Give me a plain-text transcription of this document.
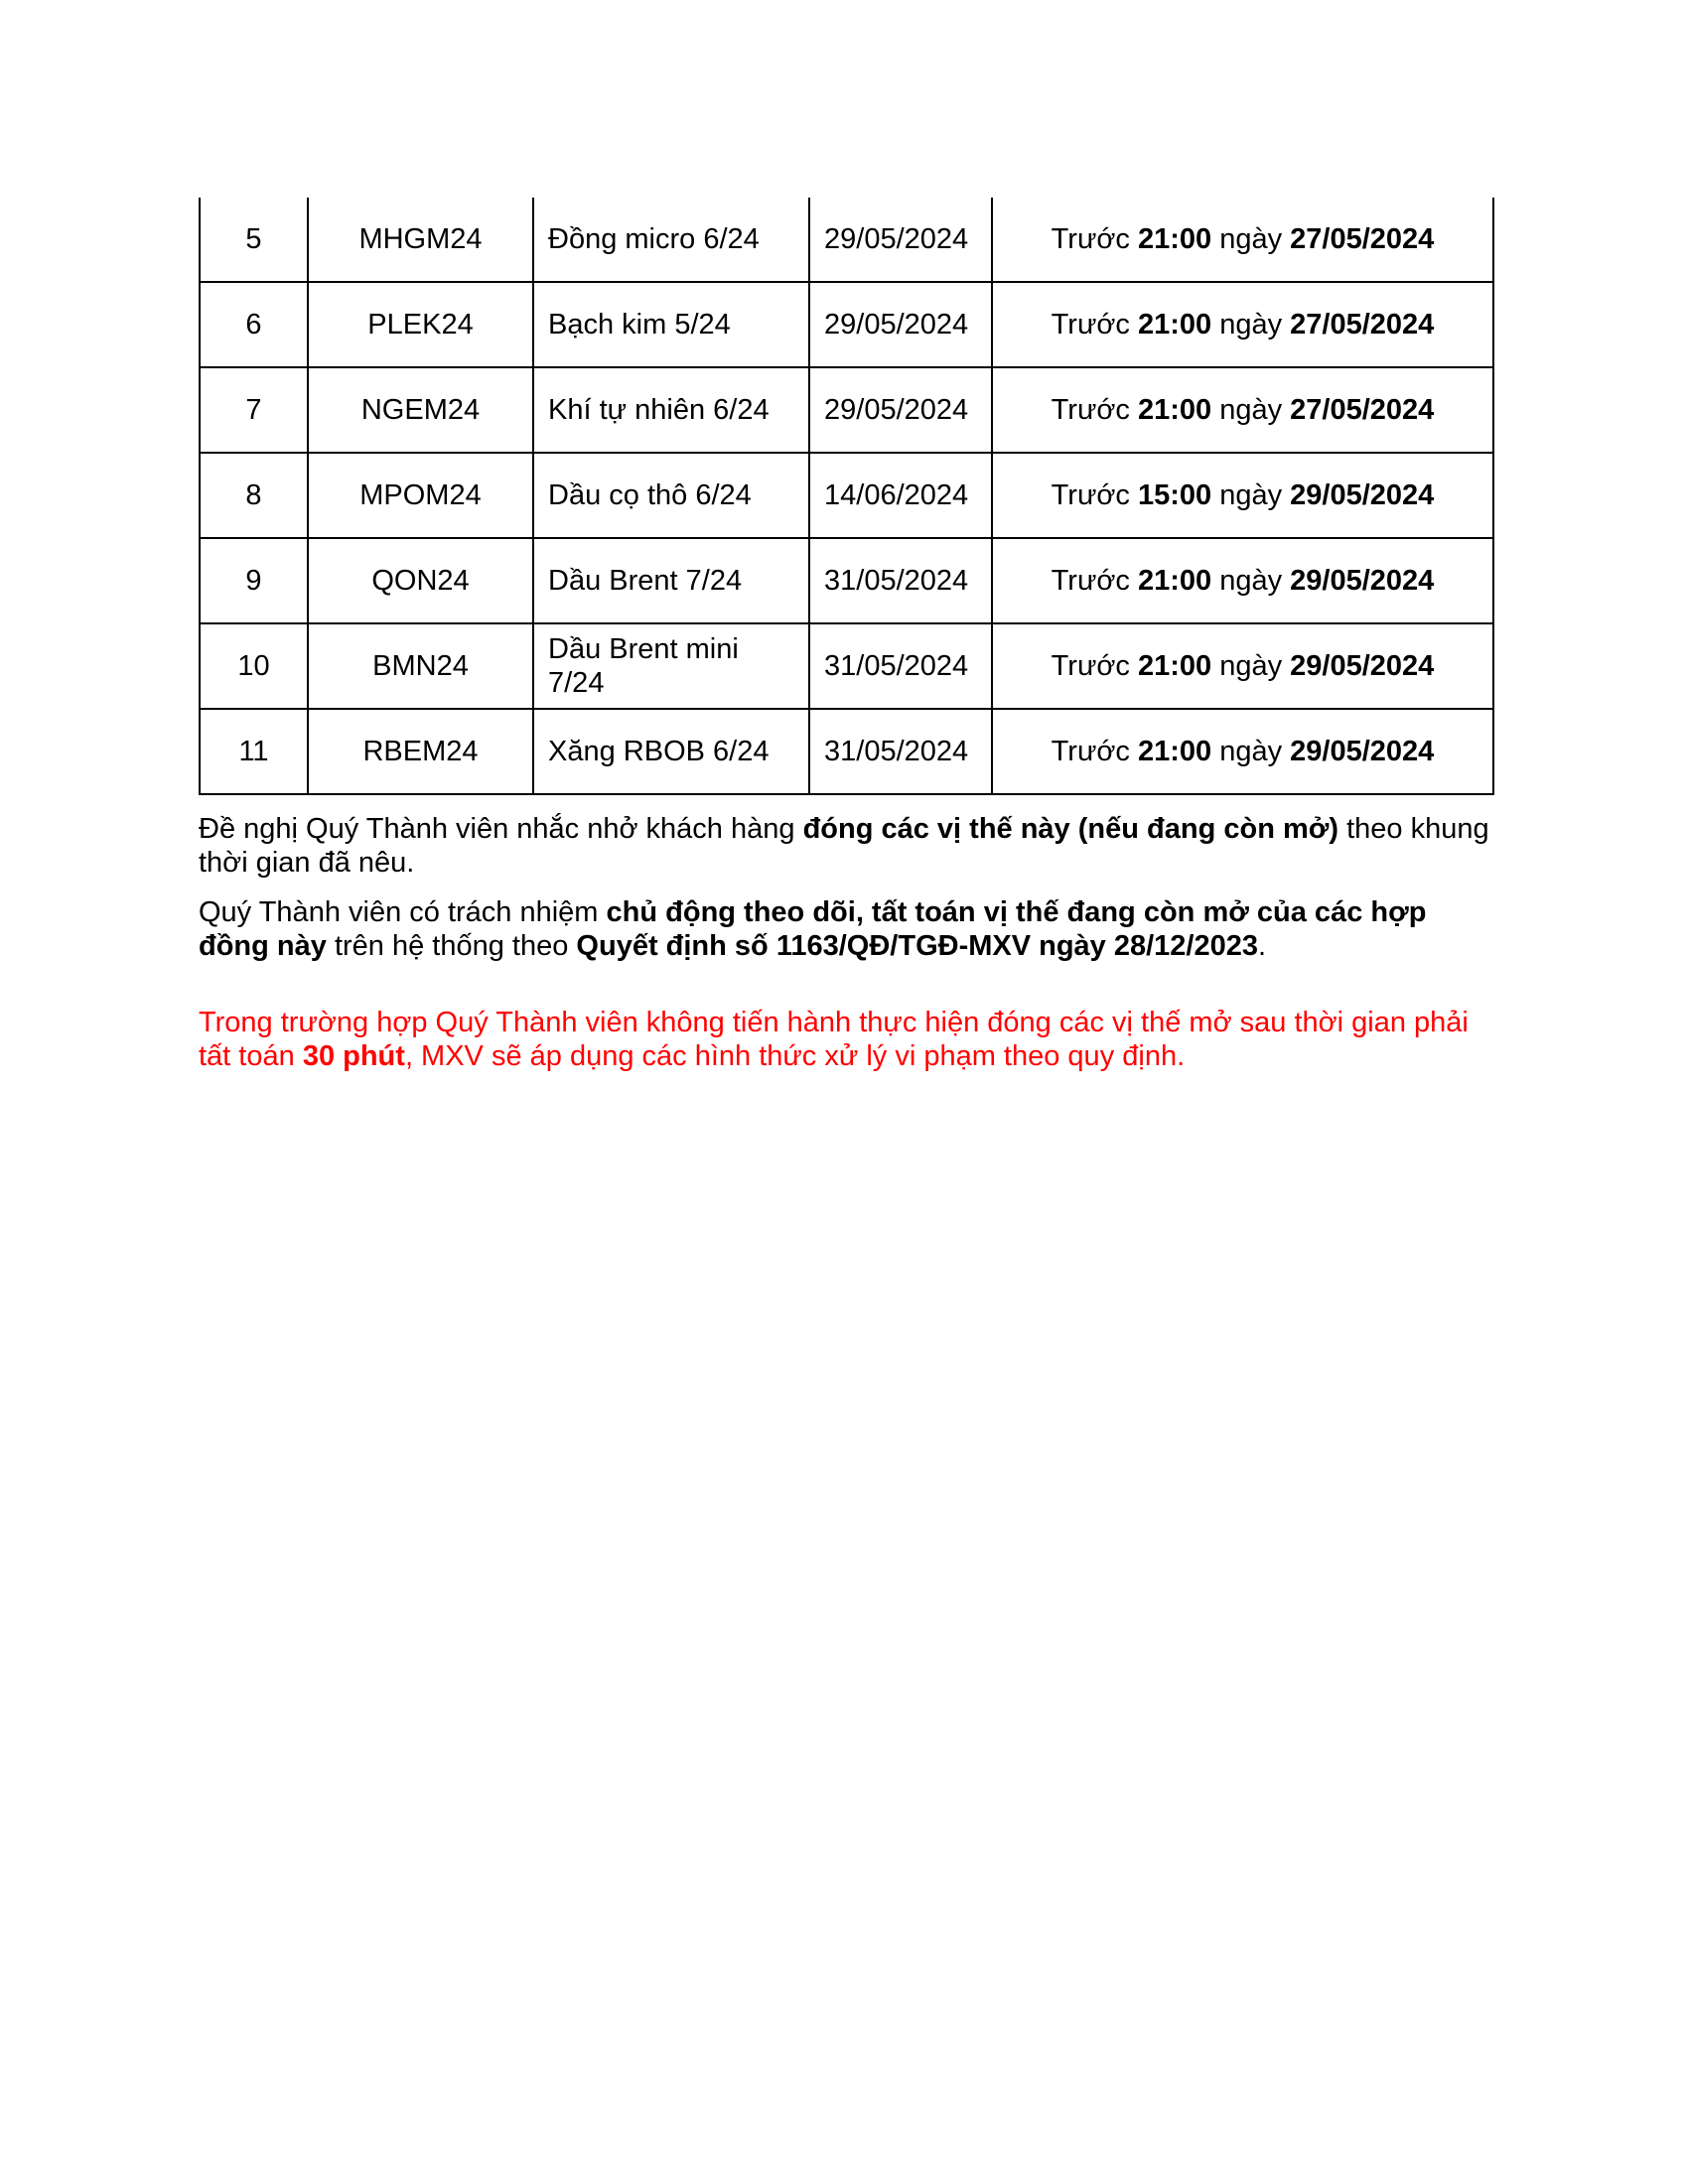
5	MHGM24	Đồng micro 6/24	29/05/2024	Trước 21:00 ngày 27/05/2024
6	PLEK24	Bạch kim 5/24	29/05/2024	Trước 21:00 ngày 27/05/2024
7	NGEM24	Khí tự nhiên 6/24	29/05/2024	Trước 21:00 ngày 27/05/2024
8	MPOM24	Dầu cọ thô 6/24	14/06/2024	Trước 15:00 ngày 29/05/2024
9	QON24	Dầu Brent 7/24	31/05/2024	Trước 21:00 ngày 29/05/2024
10	BMN24	Dầu Brent mini 7/24	31/05/2024	Trước 21:00 ngày 29/05/2024
11	RBEM24	Xăng RBOB 6/24	31/05/2024	Trước 21:00 ngày 29/05/2024

Đề nghị Quý Thành viên nhắc nhở khách hàng đóng các vị thế này (nếu đang còn mở) theo khung thời gian đã nêu.

Quý Thành viên có trách nhiệm chủ động theo dõi, tất toán vị thế đang còn mở của các hợp đồng này trên hệ thống theo Quyết định số 1163/QĐ/TGĐ-MXV ngày 28/12/2023.

Trong trường hợp Quý Thành viên không tiến hành thực hiện đóng các vị thế mở sau thời gian phải tất toán 30 phút, MXV sẽ áp dụng các hình thức xử lý vi phạm theo quy định.
